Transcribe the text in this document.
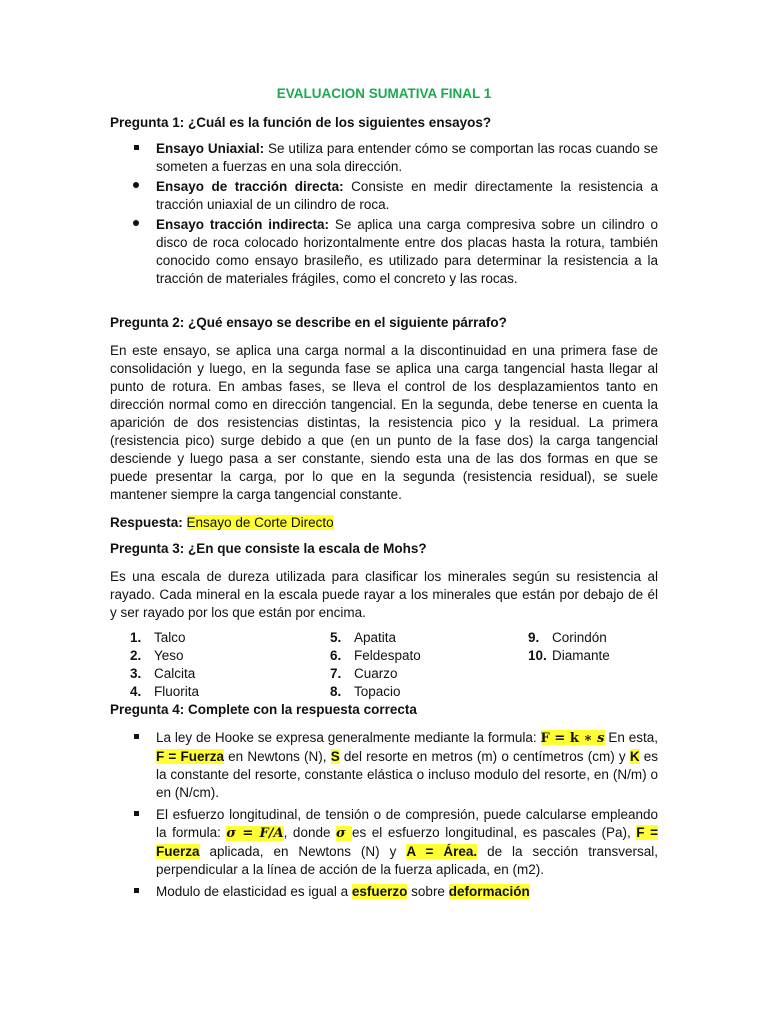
EVALUACION SUMATIVA FINAL 1
Pregunta 1: ¿Cuál es la función de los siguientes ensayos?
Ensayo Uniaxial: Se utiliza para entender cómo se comportan las rocas cuando se someten a fuerzas en una sola dirección.
Ensayo de tracción directa: Consiste en medir directamente la resistencia a tracción uniaxial de un cilindro de roca.
Ensayo tracción indirecta: Se aplica una carga compresiva sobre un cilindro o disco de roca colocado horizontalmente entre dos placas hasta la rotura, también conocido como ensayo brasileño, es utilizado para determinar la resistencia a la tracción de materiales frágiles, como el concreto y las rocas.
Pregunta 2: ¿Qué ensayo se describe en el siguiente párrafo?
En este ensayo, se aplica una carga normal a la discontinuidad en una primera fase de consolidación y luego, en la segunda fase se aplica una carga tangencial hasta llegar al punto de rotura. En ambas fases, se lleva el control de los desplazamientos tanto en dirección normal como en dirección tangencial. En la segunda, debe tenerse en cuenta la aparición de dos resistencias distintas, la resistencia pico y la residual. La primera (resistencia pico) surge debido a que (en un punto de la fase dos) la carga tangencial desciende y luego pasa a ser constante, siendo esta una de las dos formas en que se puede presentar la carga, por lo que en la segunda (resistencia residual), se suele mantener siempre la carga tangencial constante.
Respuesta: Ensayo de Corte Directo
Pregunta 3: ¿En que consiste la escala de Mohs?
Es una escala de dureza utilizada para clasificar los minerales según su resistencia al rayado. Cada mineral en la escala puede rayar a los minerales que están por debajo de él y ser rayado por los que están por encima.
1. Talco
2. Yeso
3. Calcita
4. Fluorita
5. Apatita
6. Feldespato
7. Cuarzo
8. Topacio
9. Corindón
10. Diamante
Pregunta 4: Complete con la respuesta correcta
La ley de Hooke se expresa generalmente mediante la formula: F = k ∗ s En esta, F = Fuerza en Newtons (N), S del resorte en metros (m) o centímetros (cm) y K es la constante del resorte, constante elástica o incluso modulo del resorte, en (N/m) o en (N/cm).
El esfuerzo longitudinal, de tensión o de compresión, puede calcularse empleando la formula: σ = F/A, donde σ es el esfuerzo longitudinal, es pascales (Pa), F = Fuerza aplicada, en Newtons (N) y A = Área. de la sección transversal, perpendicular a la línea de acción de la fuerza aplicada, en (m2).
Modulo de elasticidad es igual a esfuerzo sobre deformación
